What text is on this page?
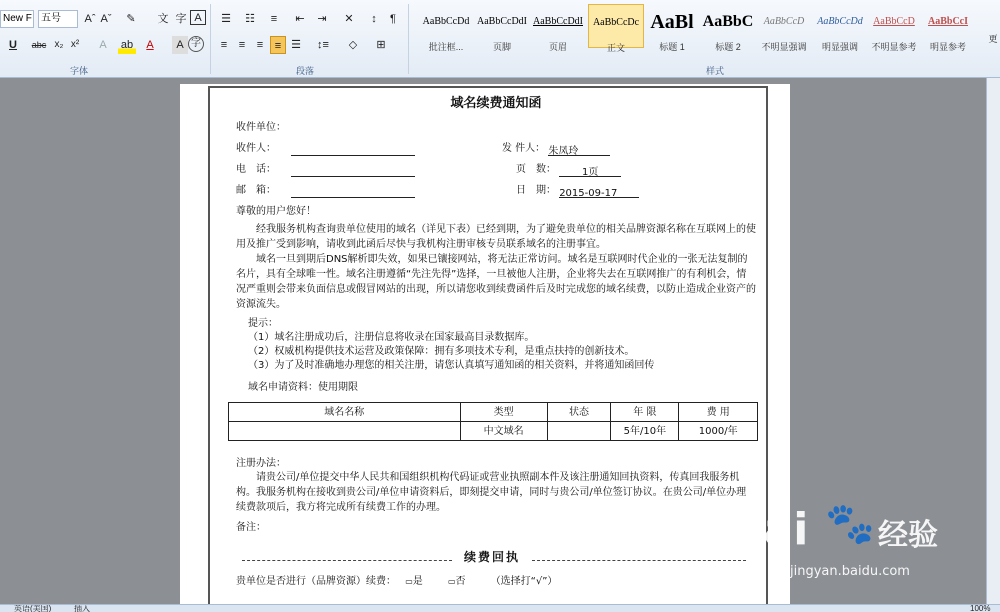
New F 五号	Aˆ Aˇ	✎	文 字 A
U	abc x₂ x²	A	ab	A	A 字
字体
☰	☷	≡	⇤	⇥	✕	↕	¶
≡	≡	≡	≡ ☰	↕≡	◇	⊞
段落
AaBbCcDd
批注框...
AaBbCcDdI
页脚
AaBbCcDdI
页眉
AaBbCcDc
正文
AaBl
标题 1
AaBbC
标题 2
AaBbCcD
不明显强调
AaBbCcDd
明显强调
AaBbCcD
不明显参考
AaBbCcI
明显参考
样式
更
域名续费通知函
收件单位：
收件人：	发 件人： 朱凤玲
电　话：	页　数：	1页
邮　箱：	日　期： 2015-09-17
尊敬的用户您好！
经我服务机构查询贵单位使用的域名（详见下表）已经到期，为了避免贵单位的相关品牌资源名称在互联网上的使用及推广受到影响，请收到此函后尽快与我机构注册审核专员联系域名的注册事宜。
域名一旦到期后DNS解析即失效，如果已镶接网站，将无法正常访问。域名是互联网时代企业的一张无法复制的名片，具有全球唯一性。域名注册遵循“先注先得”选择，一旦被他人注册，企业将失去在互联网推广的有利机会，情况严重则会带来负面信息或假冒网站的出现，所以请您收到续费函件后及时完成您的域名续费，以防止造成企业资产的资源流失。
提示：
（1）域名注册成功后，注册信息将收录在国家最高目录数据库。
（2）权威机构提供技术运营及政策保障：拥有多项技术专利，是重点扶持的创新技术。
（3）为了及时准确地办理您的相关注册，请您认真填写通知函的相关资料，并将通知函回传
域名申请资料：使用期限
域名名称	类型	状态	年 限	费 用
	中文域名		5年/10年	1000/年
注册办法：
请贵公司/单位提交中华人民共和国组织机构代码证或营业执照副本件及该注册通知回执资料，传真回我服务机构。我服务机构在接收到贵公司/单位申请资料后，即刻提交申请，同时与贵公司/单位签订协议。在贵公司/单位办理续费款项后，我方将完成所有续费工作的办理。
备注：
续费回执
贵单位是否进行（品牌资源）续费： ▭是	▭否	（选择打“√”）
Bai 🐾 经验
jingyan.baidu.com
英语(美国)	插入	100%
